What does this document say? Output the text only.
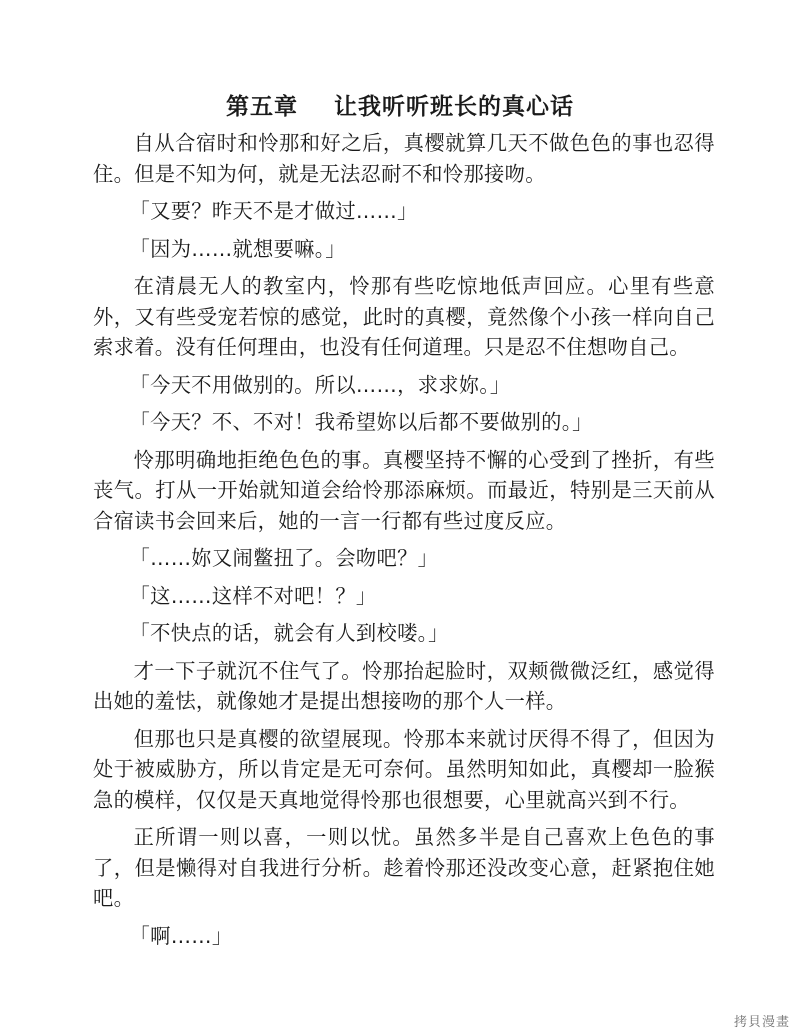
第五章    让我听听班长的真心话

自从合宿时和怜那和好之后，真樱就算几天不做色色的事也忍得住。但是不知为何，就是无法忍耐不和怜那接吻。

「又要？昨天不是才做过……」

「因为……就想要嘛。」

在清晨无人的教室内，怜那有些吃惊地低声回应。心里有些意外，又有些受宠若惊的感觉，此时的真樱，竟然像个小孩一样向自己索求着。没有任何理由，也没有任何道理。只是忍不住想吻自己。

「今天不用做别的。所以……，求求妳。」

「今天？不、不对！我希望妳以后都不要做别的。」

怜那明确地拒绝色色的事。真樱坚持不懈的心受到了挫折，有些丧气。打从一开始就知道会给怜那添麻烦。而最近，特别是三天前从合宿读书会回来后，她的一言一行都有些过度反应。

「……妳又闹鳖扭了。会吻吧？」

「这……这样不对吧！？」

「不快点的话，就会有人到校喽。」

才一下子就沉不住气了。怜那抬起脸时，双颊微微泛红，感觉得出她的羞怯，就像她才是提出想接吻的那个人一样。

但那也只是真樱的欲望展现。怜那本来就讨厌得不得了，但因为处于被威胁方，所以肯定是无可奈何。虽然明知如此，真樱却一脸猴急的模样，仅仅是天真地觉得怜那也很想要，心里就高兴到不行。

正所谓一则以喜，一则以忧。虽然多半是自己喜欢上色色的事了，但是懒得对自我进行分析。趁着怜那还没改变心意，赶紧抱住她吧。

「啊……」

拷貝漫畫
